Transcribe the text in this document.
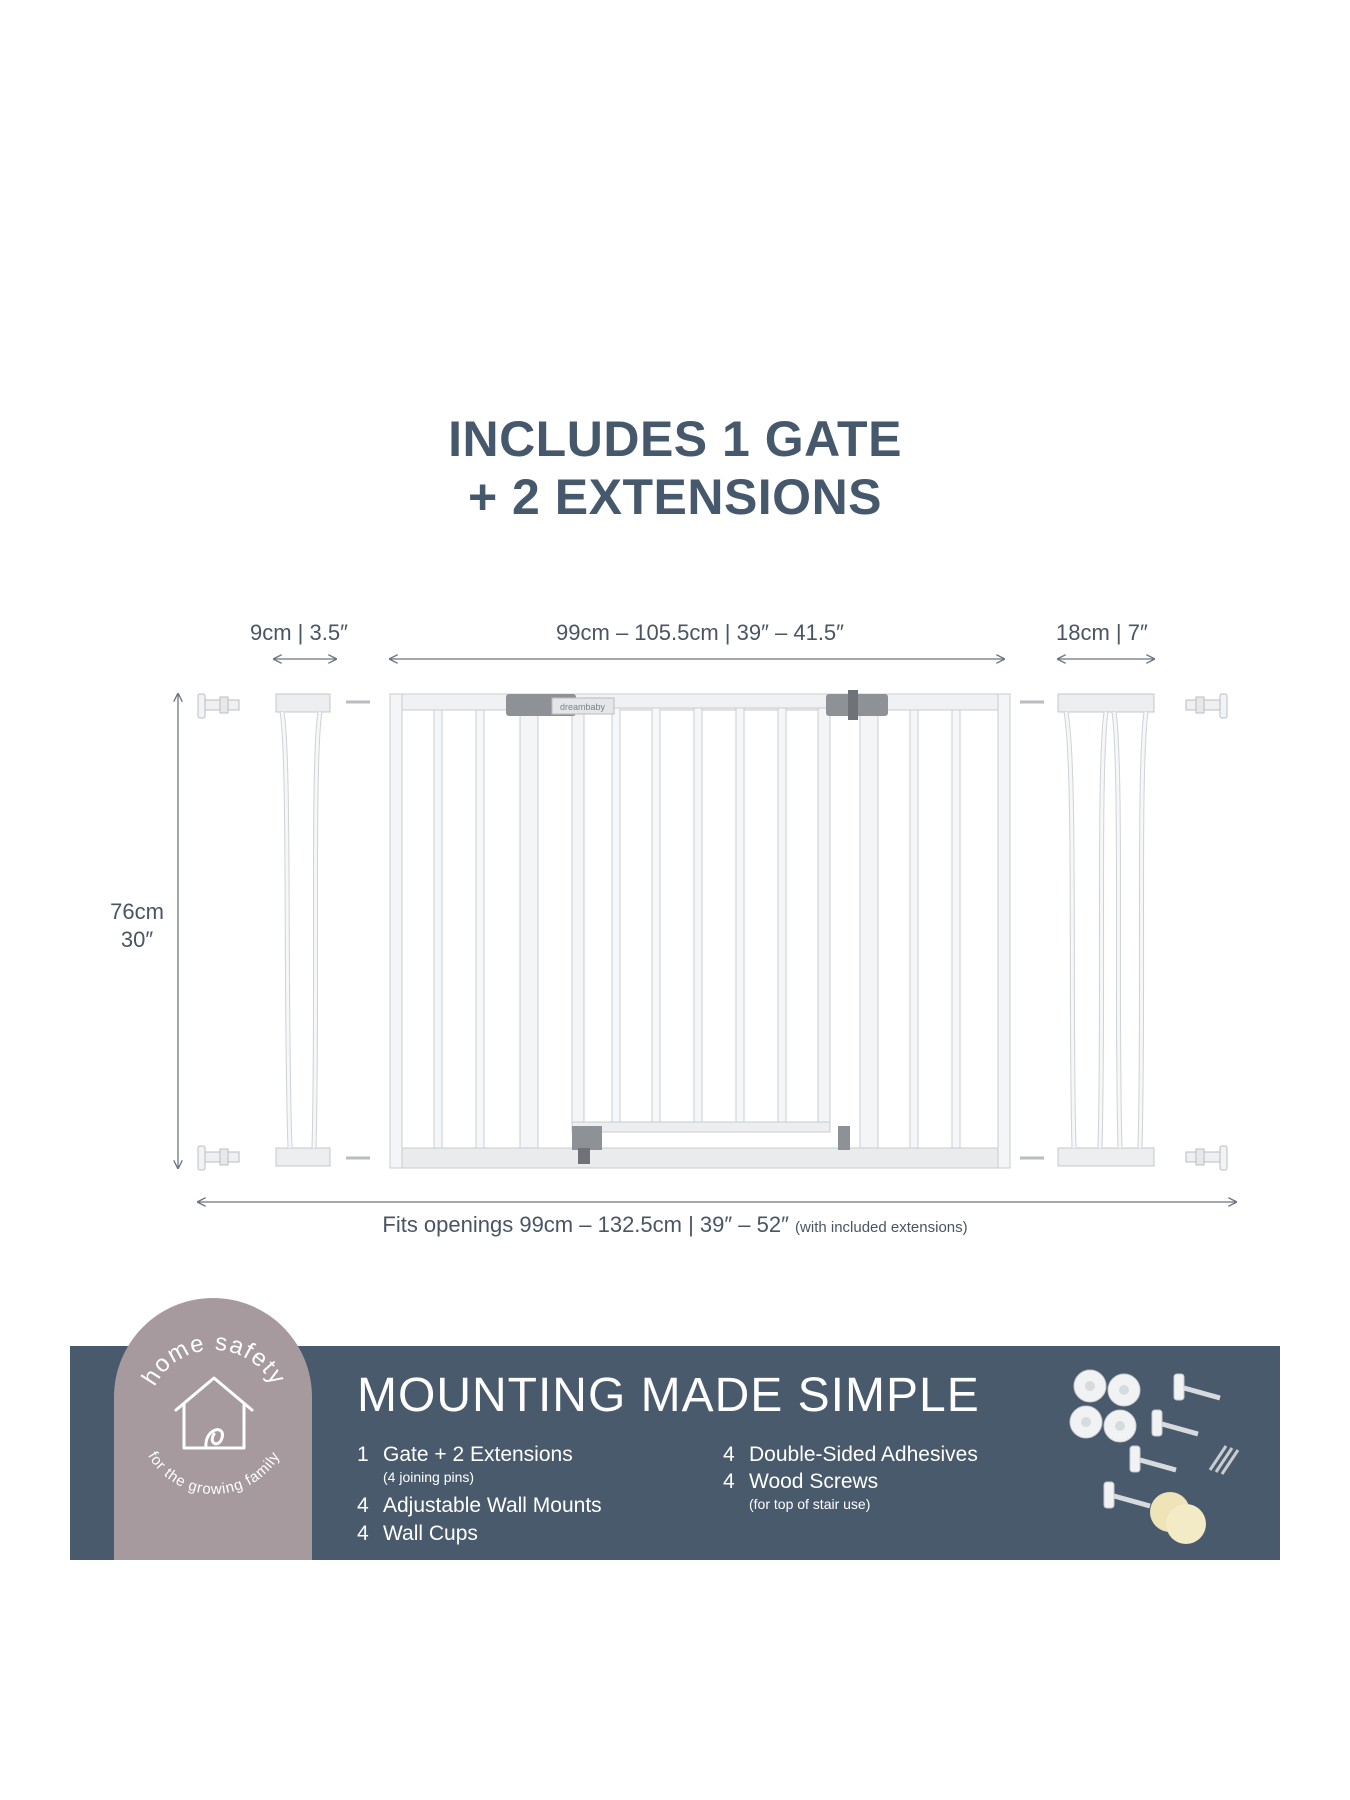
INCLUDES 1 GATE
+ 2 EXTENSIONS
9cm | 3.5″	99cm – 105.5cm | 39″ – 41.5″	18cm | 7″
76cm
30″
Fits openings 99cm – 132.5cm | 39″ – 52″ (with included extensions)
dreambaby
home safety
for the growing family
MOUNTING MADE SIMPLE
1 Gate + 2 Extensions
(4 joining pins)
4 Adjustable Wall Mounts
4 Wall Cups
4 Double-Sided Adhesives
4 Wood Screws
(for top of stair use)
